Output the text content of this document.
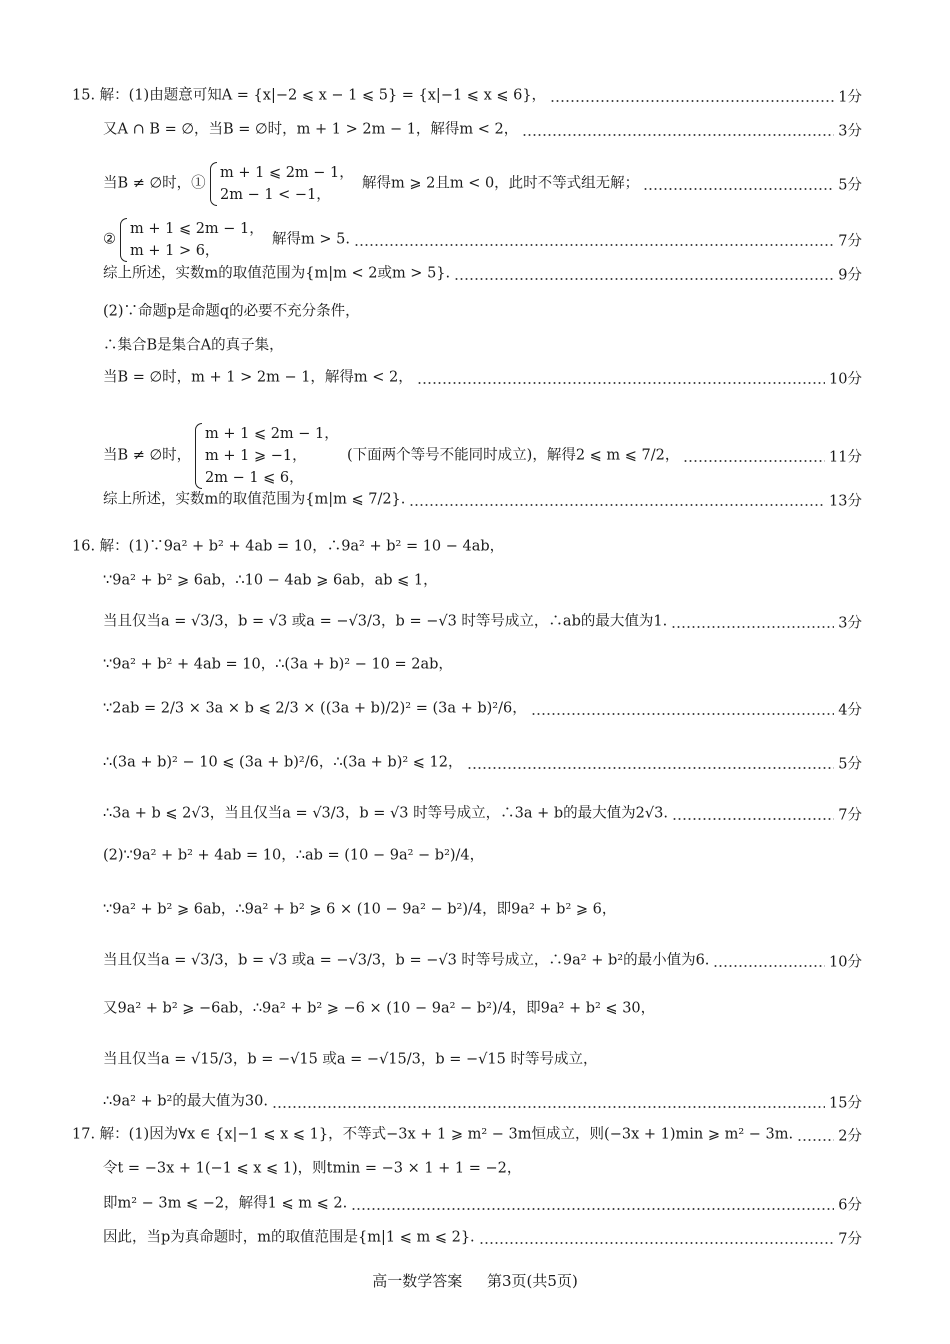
15. 解：(1)由题意可知A = {x|−2 ⩽ x − 1 ⩽ 5} = {x|−1 ⩽ x ⩽ 6}，	1分
又A ∩ B = ∅，当B = ∅时，m + 1 > 2m − 1，解得m < 2，	3分
当B ≠ ∅时，①
m + 1 ⩽ 2m − 1，
2m − 1 < −1，
解得m ⩾ 2且m < 0，此时不等式组无解；	5分
②
m + 1 ⩽ 2m − 1，
m + 1 > 6，
解得m > 5.	7分
综上所述，实数m的取值范围为{m|m < 2或m > 5}.	9分
(2)∵命题p是命题q的必要不充分条件，
∴集合B是集合A的真子集，
当B = ∅时，m + 1 > 2m − 1，解得m < 2，	10分
当B ≠ ∅时，
m + 1 ⩽ 2m − 1，
m + 1 ⩾ −1，
2m − 1 ⩽ 6，
(下面两个等号不能同时成立)，解得2 ⩽ m ⩽ 7/2，	11分
综上所述，实数m的取值范围为{m|m ⩽ 7/2}.	13分
16. 解：(1)∵9a² + b² + 4ab = 10，∴9a² + b² = 10 − 4ab，
∵9a² + b² ⩾ 6ab，∴10 − 4ab ⩾ 6ab，ab ⩽ 1，
当且仅当a = √3/3，b = √3 或a = −√3/3，b = −√3 时等号成立，∴ab的最大值为1.	3分
∵9a² + b² + 4ab = 10，∴(3a + b)² − 10 = 2ab，
∵2ab = 2/3 × 3a × b ⩽ 2/3 × ((3a + b)/2)² = (3a + b)²/6，	4分
∴(3a + b)² − 10 ⩽ (3a + b)²/6，∴(3a + b)² ⩽ 12，	5分
∴3a + b ⩽ 2√3，当且仅当a = √3/3，b = √3 时等号成立，∴3a + b的最大值为2√3.	7分
(2)∵9a² + b² + 4ab = 10，∴ab = (10 − 9a² − b²)/4，
∵9a² + b² ⩾ 6ab，∴9a² + b² ⩾ 6 × (10 − 9a² − b²)/4，即9a² + b² ⩾ 6，
当且仅当a = √3/3，b = √3 或a = −√3/3，b = −√3 时等号成立，∴9a² + b²的最小值为6.	10分
又9a² + b² ⩾ −6ab，∴9a² + b² ⩾ −6 × (10 − 9a² − b²)/4，即9a² + b² ⩽ 30，
当且仅当a = √15/3，b = −√15 或a = −√15/3，b = −√15 时等号成立，
∴9a² + b²的最大值为30.	15分
17. 解：(1)因为∀x ∈ {x|−1 ⩽ x ⩽ 1}，不等式−3x + 1 ⩾ m² − 3m恒成立，则(−3x + 1)min ⩾ m² − 3m.	2分
令t = −3x + 1(−1 ⩽ x ⩽ 1)，则tmin = −3 × 1 + 1 = −2，
即m² − 3m ⩽ −2，解得1 ⩽ m ⩽ 2.	6分
因此，当p为真命题时，m的取值范围是{m|1 ⩽ m ⩽ 2}.	7分
高一数学答案 第3页(共5页)
